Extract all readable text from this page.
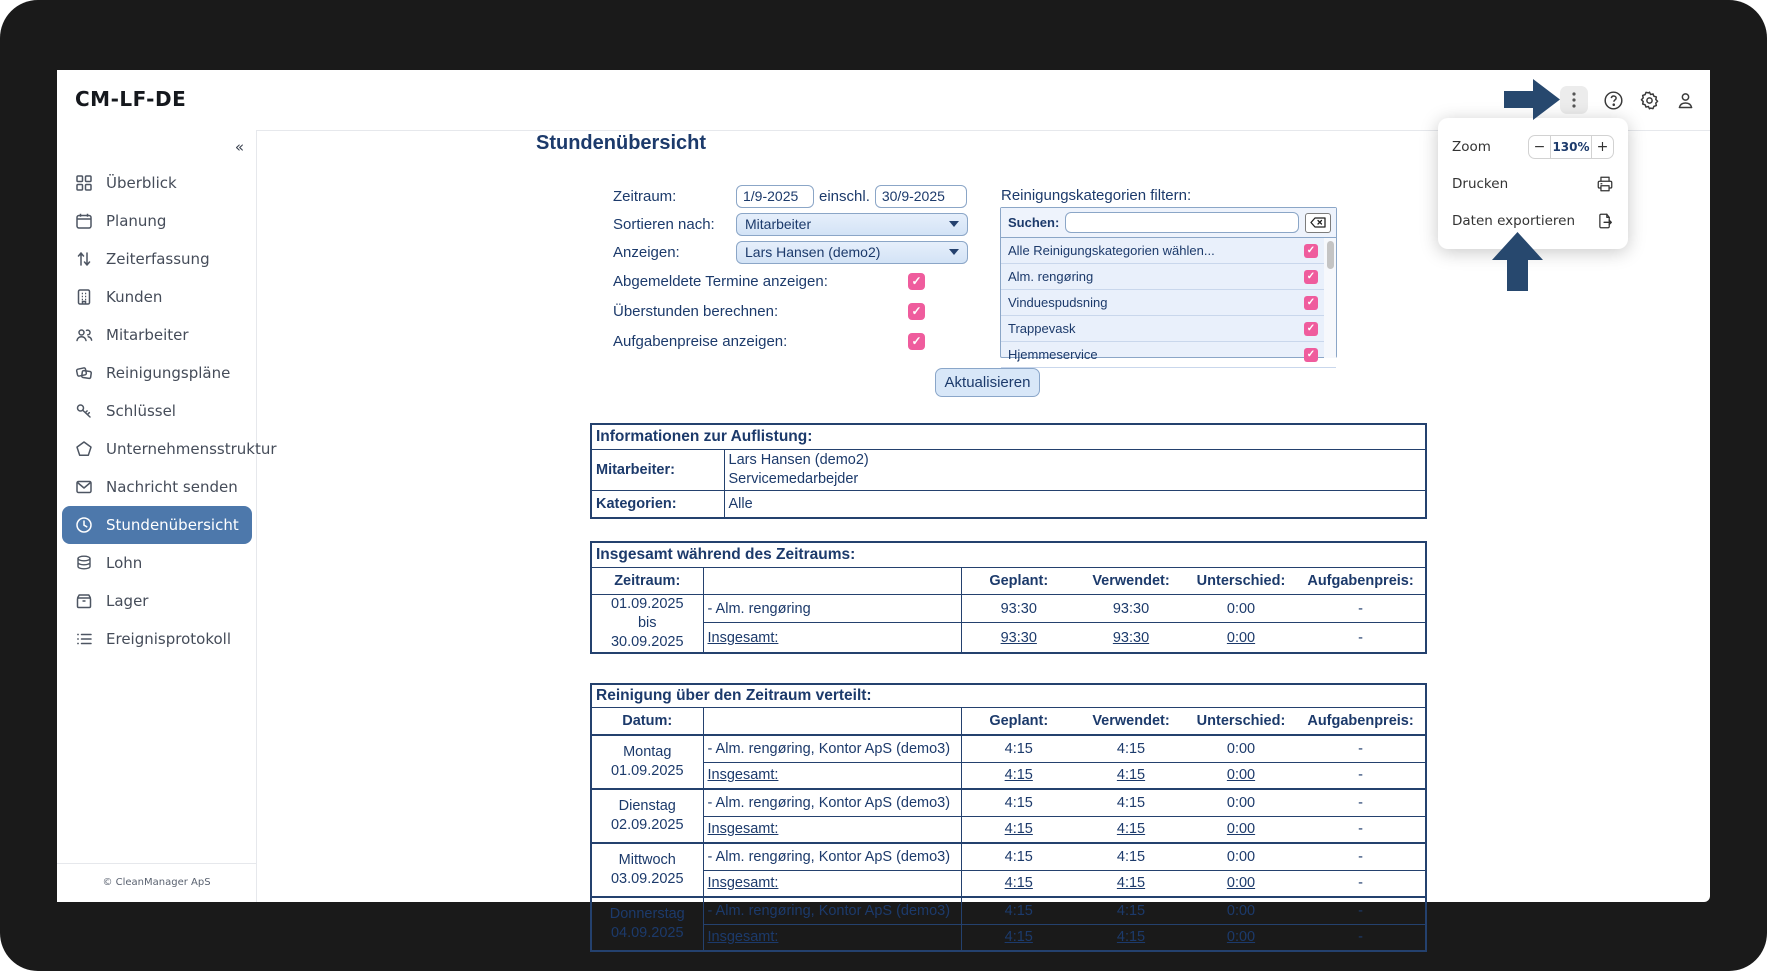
CM-LF-DE
«
Überblick
Planung
Zeiterfassung
Kunden
Mitarbeiter
Reinigungspläne
Schlüssel
Unternehmensstruktur
Nachricht senden
Stundenübersicht
Lohn
Lager
Ereignisprotokoll
© CleanManager ApS
Stundenübersicht
Zeitraum:
1/9-2025	einschl.
30/9-2025
Sortieren nach: Mitarbeiter
Anzeigen:	Lars Hansen (demo2)
Abgemeldete Termine anzeigen:
✓
Überstunden berechnen:
✓
Aufgabenpreise anzeigen:
✓
Aktualisieren
Reinigungskategorien filtern:
Suchen:
Alle Reinigungskategorien wählen...
✓
Alm. rengøring
✓
Vinduespudsning
✓
Trappevask
✓
Hjemmeservice
✓
Informationen zur Auflistung:	
Mitarbeiter:	Lars Hansen (demo2)
Servicemedarbejder
Kategorien:	Alle
Insgesamt während des Zeitraums:					
Zeitraum:		Geplant:	Verwendet:	Unterschied:	Aufgabenpreis:
01.09.2025
bis
30.09.2025	- Alm. rengøring	93:30	93:30	0:00	-
	Insgesamt:	93:30	93:30	0:00	-
Reinigung über den Zeitraum verteilt:					
Datum:		Geplant:	Verwendet:	Unterschied:	Aufgabenpreis:
Montag
01.09.2025	- Alm. rengøring, Kontor ApS (demo3)	4:15	4:15	0:00	-
	Insgesamt:	4:15	4:15	0:00	-
Dienstag
02.09.2025	- Alm. rengøring, Kontor ApS (demo3)	4:15	4:15	0:00	-
	Insgesamt:	4:15	4:15	0:00	-
Mittwoch
03.09.2025	- Alm. rengøring, Kontor ApS (demo3)	4:15	4:15	0:00	-
	Insgesamt:	4:15	4:15	0:00	-
Donnerstag
04.09.2025	- Alm. rengøring, Kontor ApS (demo3)	4:15	4:15	0:00	-
	Insgesamt:	4:15	4:15	0:00	-
Zoom	− 130% +
Drucken
Daten exportieren
